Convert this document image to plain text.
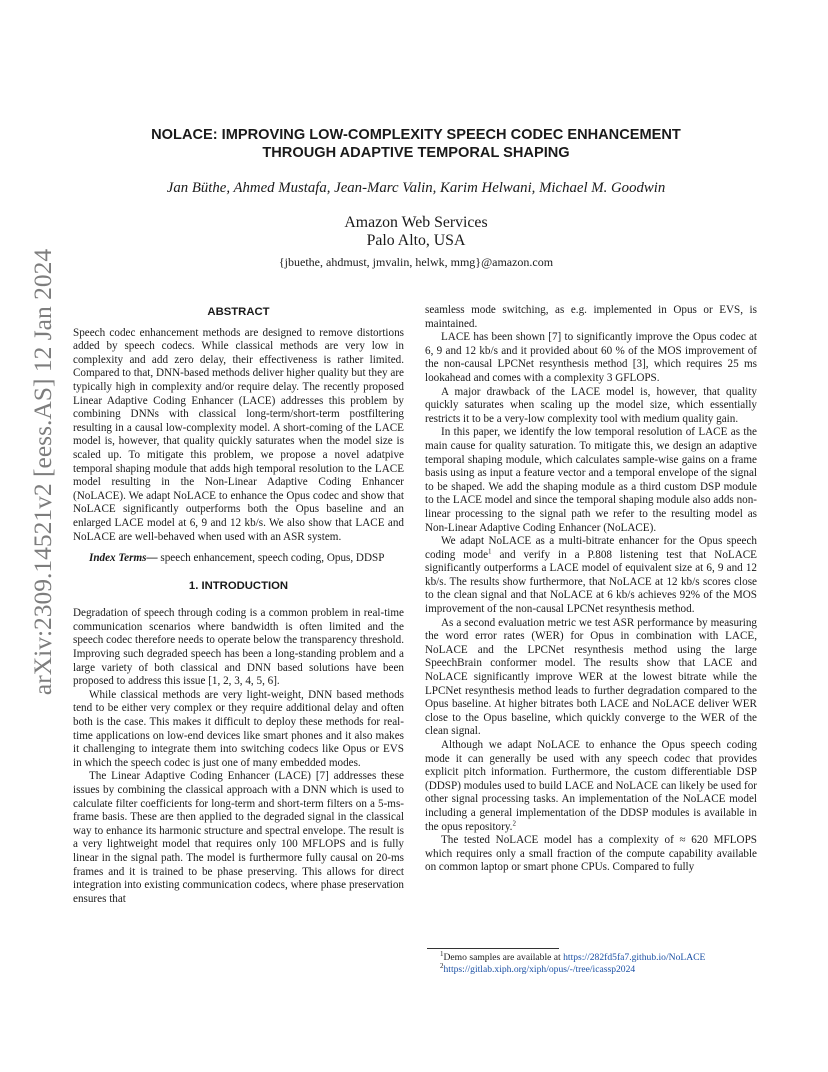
arXiv:2309.14521v2 [eess.AS] 12 Jan 2024
NOLACE: IMPROVING LOW-COMPLEXITY SPEECH CODEC ENHANCEMENT
THROUGH ADAPTIVE TEMPORAL SHAPING
Jan Büthe, Ahmed Mustafa, Jean-Marc Valin, Karim Helwani, Michael M. Goodwin
Amazon Web Services
Palo Alto, USA
{jbuethe, ahdmust, jmvalin, helwk, mmg}@amazon.com
ABSTRACT

Speech codec enhancement methods are designed to remove distortions added by speech codecs. While classical methods are very low in complexity and add zero delay, their effectiveness is rather limited. Compared to that, DNN-based methods deliver higher quality but they are typically high in complexity and/or require delay. The recently proposed Linear Adaptive Coding Enhancer (LACE) addresses this problem by combining DNNs with classical long-term/short-term postfiltering resulting in a causal low-complexity model. A short-coming of the LACE model is, however, that quality quickly saturates when the model size is scaled up. To mitigate this problem, we propose a novel adatpive temporal shaping module that adds high temporal resolution to the LACE model resulting in the Non-Linear Adaptive Coding Enhancer (NoLACE). We adapt NoLACE to enhance the Opus codec and show that NoLACE significantly outperforms both the Opus baseline and an enlarged LACE model at 6, 9 and 12 kb/s. We also show that LACE and NoLACE are well-behaved when used with an ASR system.

Index Terms— speech enhancement, speech coding, Opus, DDSP

1. INTRODUCTION

Degradation of speech through coding is a common problem in real-time communication scenarios where bandwidth is often limited and the speech codec therefore needs to operate below the transparency threshold. Improving such degraded speech has been a long-standing problem and a large variety of both classical and DNN based solutions have been proposed to address this issue [1, 2, 3, 4, 5, 6].

While classical methods are very light-weight, DNN based methods tend to be either very complex or they require additional delay and often both is the case. This makes it difficult to deploy these methods for real-time applications on low-end devices like smart phones and it also makes it challenging to integrate them into switching codecs like Opus or EVS in which the speech codec is just one of many embedded modes.

The Linear Adaptive Coding Enhancer (LACE) [7] addresses these issues by combining the classical approach with a DNN which is used to calculate filter coefficients for long-term and short-term filters on a 5-ms-frame basis. These are then applied to the degraded signal in the classical way to enhance its harmonic structure and spectral envelope. The result is a very lightweight model that requires only 100 MFLOPS and is fully linear in the signal path. The model is furthermore fully causal on 20-ms frames and it is trained to be phase preserving. This allows for direct integration into existing communication codecs, where phase preservation ensures that

seamless mode switching, as e.g. implemented in Opus or EVS, is maintained.

LACE has been shown [7] to significantly improve the Opus codec at 6, 9 and 12 kb/s and it provided about 60 % of the MOS improvement of the non-causal LPCNet resynthesis method [3], which requires 25 ms lookahead and comes with a complexity 3 GFLOPS.

A major drawback of the LACE model is, however, that quality quickly saturates when scaling up the model size, which essentially restricts it to be a very-low complexity tool with medium quality gain.

In this paper, we identify the low temporal resolution of LACE as the main cause for quality saturation. To mitigate this, we design an adaptive temporal shaping module, which calculates sample-wise gains on a frame basis using as input a feature vector and a temporal envelope of the signal to be shaped. We add the shaping module as a third custom DSP module to the LACE model and since the temporal shaping module also adds non-linear processing to the signal path we refer to the resulting model as Non-Linear Adaptive Coding Enhancer (NoLACE).

We adapt NoLACE as a multi-bitrate enhancer for the Opus speech coding mode$^1$ and verify in a P.808 listening test that NoLACE significantly outperforms a LACE model of equivalent size at 6, 9 and 12 kb/s. The results show furthermore, that NoLACE at 12 kb/s scores close to the clean signal and that NoLACE at 6 kb/s achieves 92% of the MOS improvement of the non-causal LPCNet resynthesis method.

As a second evaluation metric we test ASR performance by measuring the word error rates (WER) for Opus in combination with LACE, NoLACE and the LPCNet resynthesis method using the large SpeechBrain conformer model. The results show that LACE and NoLACE significantly improve WER at the lowest bitrate while the LPCNet resynthesis method leads to further degradation compared to the Opus baseline. At higher bitrates both LACE and NoLACE deliver WER close to the Opus baseline, which quickly converge to the WER of the clean signal.

Although we adapt NoLACE to enhance the Opus speech coding mode it can generally be used with any speech codec that provides explicit pitch information. Furthermore, the custom differentiable DSP (DDSP) modules used to build LACE and NoLACE can likely be used for other signal processing tasks. An implementation of the NoLACE model including a general implementation of the DDSP modules is available in the opus repository.$^2$

The tested NoLACE model has a complexity of ≈ 620 MFLOPS which requires only a small fraction of the compute capability available on common laptop or smart phone CPUs. Compared to fully

$^1$Demo samples are available at https://282fd5fa7.github.io/NoLACE
$^2$https://gitlab.xiph.org/xiph/opus/-/tree/icassp2024
